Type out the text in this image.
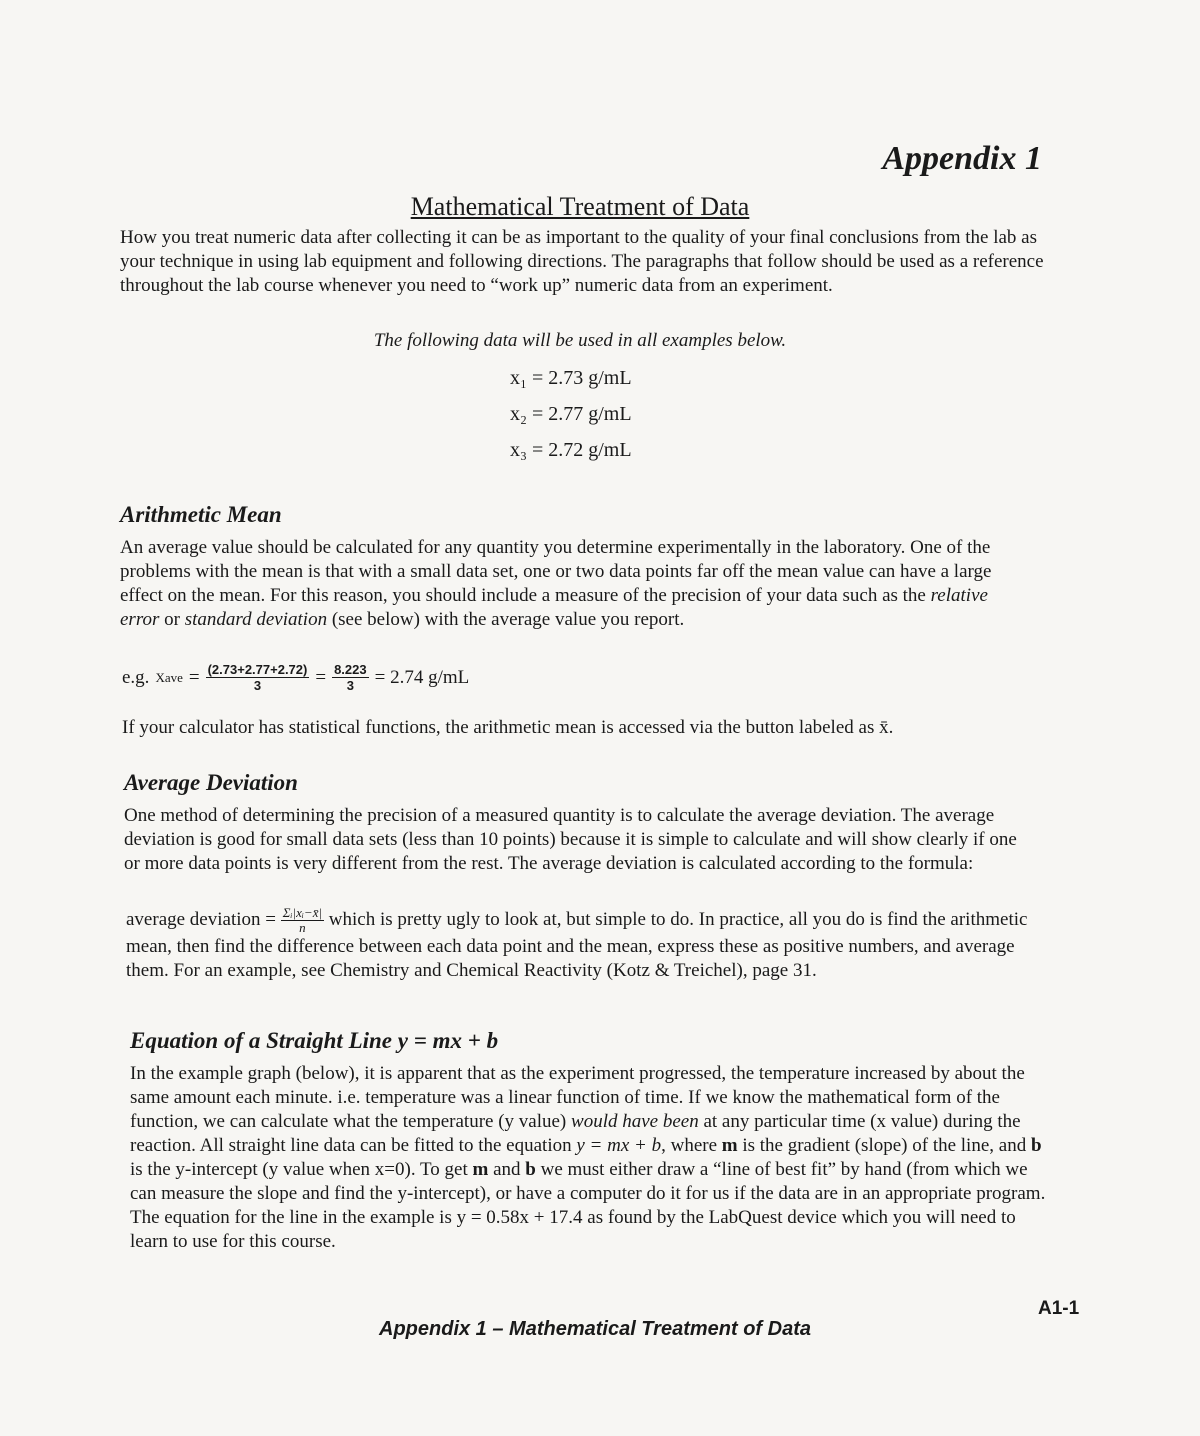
Appendix 1
Mathematical Treatment of Data

How you treat numeric data after collecting it can be as important to the quality of your final conclusions from the lab as your technique in using lab equipment and following directions. The paragraphs that follow should be used as a reference throughout the lab course whenever you need to “work up” numeric data from an experiment.

The following data will be used in all examples below.
x₁ = 2.73 g/mL
x₂ = 2.77 g/mL
x₃ = 2.72 g/mL
Arithmetic Mean

An average value should be calculated for any quantity you determine experimentally in the laboratory. One of the problems with the mean is that with a small data set, one or two data points far off the mean value can have a large effect on the mean. For this reason, you should include a measure of the precision of your data such as the relative error or standard deviation (see below) with the average value you report.

e.g. Xave = $\frac{(2.73+2.77+2.72)}{3} = \frac{8.223}{3} = 2.74$ g/mL

If your calculator has statistical functions, the arithmetic mean is accessed via the button labeled as x̄.

Average Deviation

One method of determining the precision of a measured quantity is to calculate the average deviation. The average deviation is good for small data sets (less than 10 points) because it is simple to calculate and will show clearly if one or more data points is very different from the rest. The average deviation is calculated according to the formula:

average deviation = $\frac{\text{Σᵢ|xᵢ−x̄|}}{n}$ which is pretty ugly to look at, but simple to do. In practice, all you do is find the arithmetic mean, then find the difference between each data point and the mean, express these as positive numbers, and average them. For an example, see Chemistry and Chemical Reactivity (Kotz & Treichel), page 31.

Equation of a Straight Line y = mx + b

In the example graph (below), it is apparent that as the experiment progressed, the temperature increased by about the same amount each minute. i.e. temperature was a linear function of time. If we know the mathematical form of the function, we can calculate what the temperature (y value) would have been at any particular time (x value) during the reaction. All straight line data can be fitted to the equation y = mx + b, where m is the gradient (slope) of the line, and b is the y-intercept (y value when x=0). To get m and b we must either draw a “line of best fit” by hand (from which we can measure the slope and find the y-intercept), or have a computer do it for us if the data are in an appropriate program. The equation for the line in the example is y = 0.58x + 17.4 as found by the LabQuest device which you will need to learn to use for this course.

A1-1
Appendix 1 – Mathematical Treatment of Data
